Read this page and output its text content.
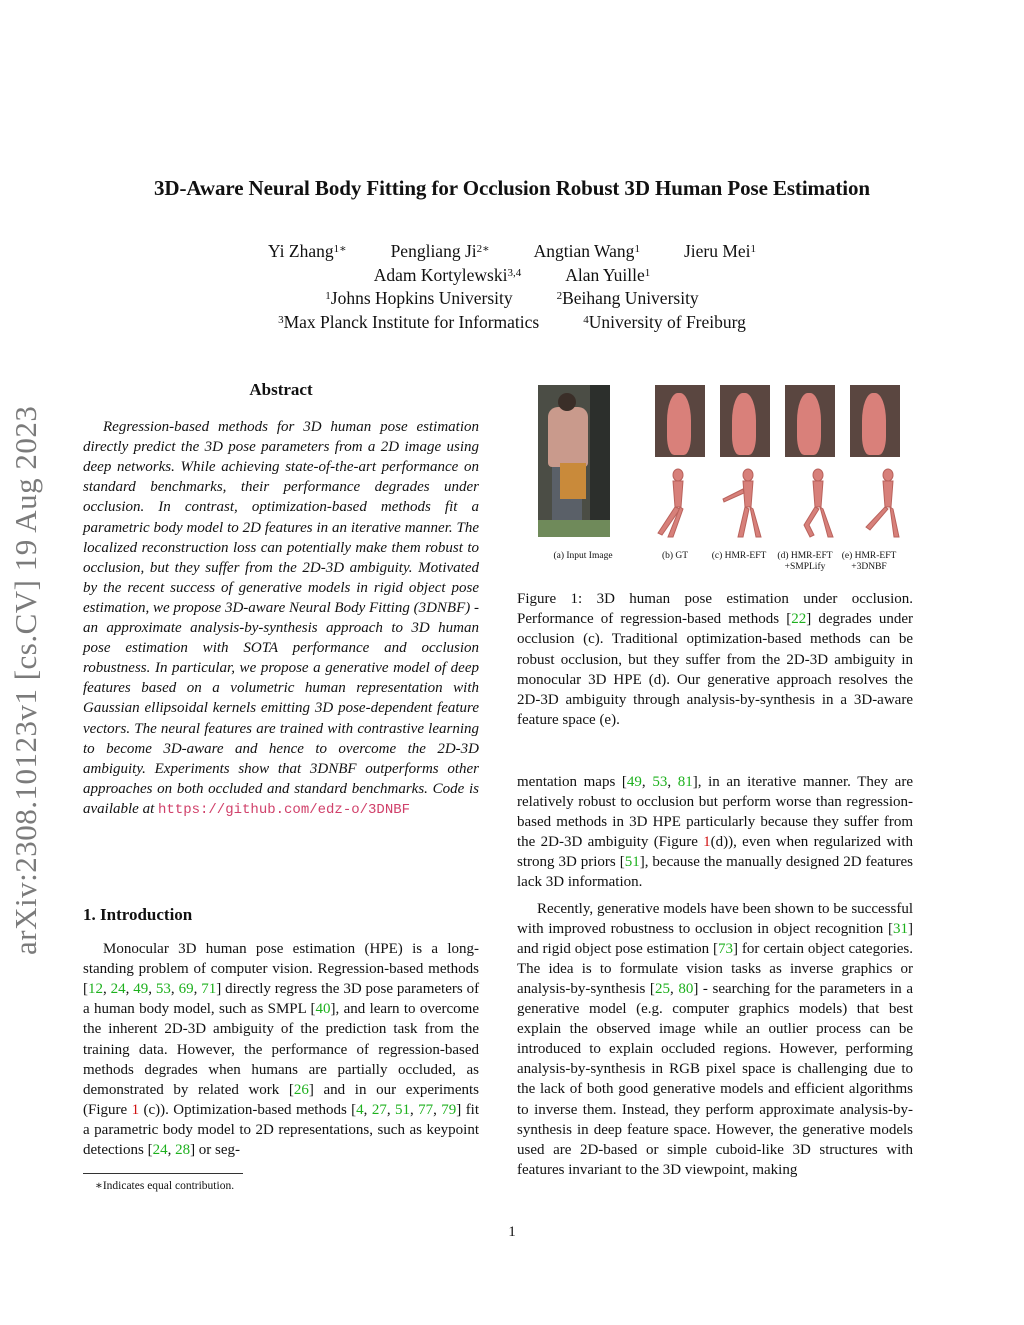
3D-Aware Neural Body Fitting for Occlusion Robust 3D Human Pose Estimation
Yi Zhang$^{1∗}$	Pengliang $Ji^{2∗}$	Angtian Wang$^1$	Jieru Mei$^1$
Adam Kortylewski$^{3,4}$	Alan Yuille$^1$
$^1$Johns Hopkins University	$^2$Beihang University
$^3$Max Planck Institute for Informatics	$^4$University of Freiburg
arXiv:2308.10123v1 [cs.CV] 19 Aug 2023
Abstract

Regression-based methods for 3D human pose estimation directly predict the 3D pose parameters from a 2D image using deep networks. While achieving state-of-the-art performance on standard benchmarks, their performance degrades under occlusion. In contrast, optimization-based methods fit a parametric body model to 2D features in an iterative manner. The localized reconstruction loss can potentially make them robust to occlusion, but they suffer from the 2D-3D ambiguity. Motivated by the recent success of generative models in rigid object pose estimation, we propose 3D-aware Neural Body Fitting (3DNBF) - an approximate analysis-by-synthesis approach to 3D human pose estimation with SOTA performance and occlusion robustness. In particular, we propose a generative model of deep features based on a volumetric human representation with Gaussian ellipsoidal kernels emitting 3D pose-dependent feature vectors. The neural features are trained with contrastive learning to become 3D-aware and hence to overcome the 2D-3D ambiguity. Experiments show that 3DNBF outperforms other approaches on both occluded and standard benchmarks. Code is available at https://github.com/edz-o/3DNBF

1. Introduction

Monocular 3D human pose estimation (HPE) is a long-standing problem of computer vision. Regression-based methods [12, 24, 49, 53, 69, 71] directly regress the 3D pose parameters of a human body model, such as SMPL [40], and learn to overcome the inherent 2D-3D ambiguity of the prediction task from the training data. However, the performance of regression-based methods degrades when humans are partially occluded, as demonstrated by related work [26] and in our experiments (Figure 1 (c)). Optimization-based methods [4, 27, 51, 77, 79] fit a parametric body model to 2D representations, such as keypoint detections [24, 28] or seg-

∗Indicates equal contribution.
(a) Input Image	(b) GT	(c) HMR-EFT	(d) HMR-EFT
+SMPLify
(e) HMR-EFT
+3DNBF
Figure 1: 3D human pose estimation under occlusion. Performance of regression-based methods [22] degrades under occlusion (c). Traditional optimization-based methods can be robust occlusion, but they suffer from the 2D-3D ambiguity in monocular 3D HPE (d). Our generative approach resolves the 2D-3D ambiguity through analysis-by-synthesis in a 3D-aware feature space (e).

mentation maps [49, 53, 81], in an iterative manner. They are relatively robust to occlusion but perform worse than regression-based methods in 3D HPE particularly because they suffer from the 2D-3D ambiguity (Figure 1(d)), even when regularized with strong 3D priors [51], because the manually designed 2D features lack 3D information.

Recently, generative models have been shown to be successful with improved robustness to occlusion in object recognition [31] and rigid object pose estimation [73] for certain object categories. The idea is to formulate vision tasks as inverse graphics or analysis-by-synthesis [25, 80] - searching for the parameters in a generative model (e.g. computer graphics models) that best explain the observed image while an outlier process can be introduced to explain occluded regions. However, performing analysis-by-synthesis in RGB pixel space is challenging due to the lack of both good generative models and efficient algorithms to inverse them. Instead, they perform approximate analysis-by-synthesis in deep feature space. However, the generative models used are 2D-based or simple cuboid-like 3D structures with features invariant to the 3D viewpoint, making

1
